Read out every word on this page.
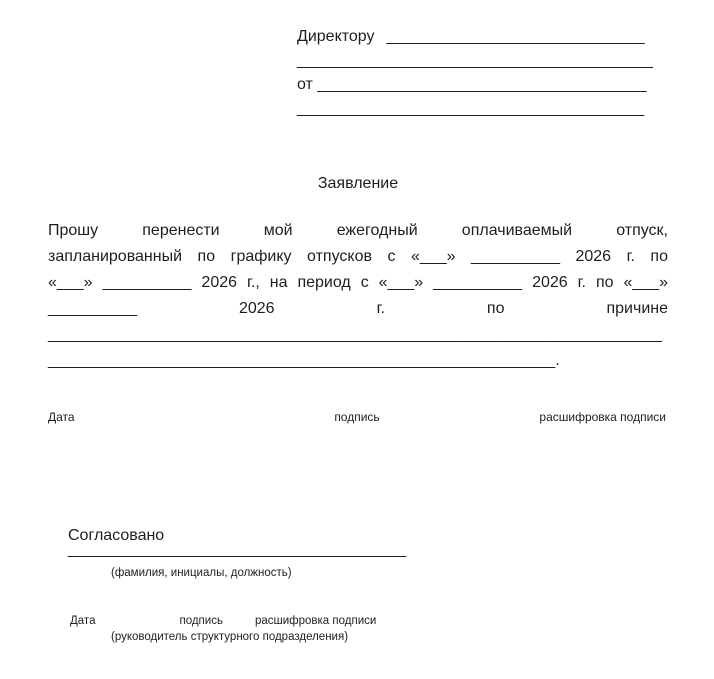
Директору _____________________________
________________________________________
от _____________________________________
_______________________________________
Заявление
Прошу перенести мой ежегодный оплачиваемый отпуск,
запланированный по графику отпусков с «___» __________ 2026 г. по
«___» __________ 2026 г., на период с «___» __________ 2026 г. по «___»
__________ 2026 г. по причине
_____________________________________________________________________
_________________________________________________________.
Дата	подпись	расшифровка подписи
Согласовано
______________________________________
(фамилия, инициалы, должность)
Дата	подпись	расшифровка подписи
(руководитель структурного подразделения)
